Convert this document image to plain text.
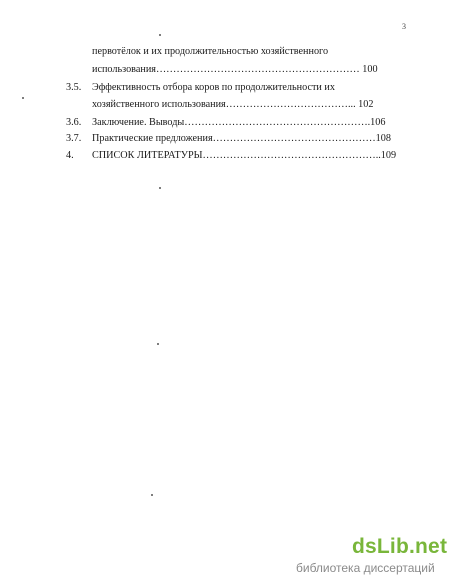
3
первотёлок и их продолжительностью хозяйственного
использования…………………………………………………… 100
3.5. Эффективность отбора коров по продолжительности их
хозяйственного использования………………………………... 102
3.6. Заключение. Выводы……………………………………………….106
3.7. Практические предложения…………………………………………108
4. СПИСОК ЛИТЕРАТУРЫ……………………………………………..109
dsLib.net
библиотека диссертаций
